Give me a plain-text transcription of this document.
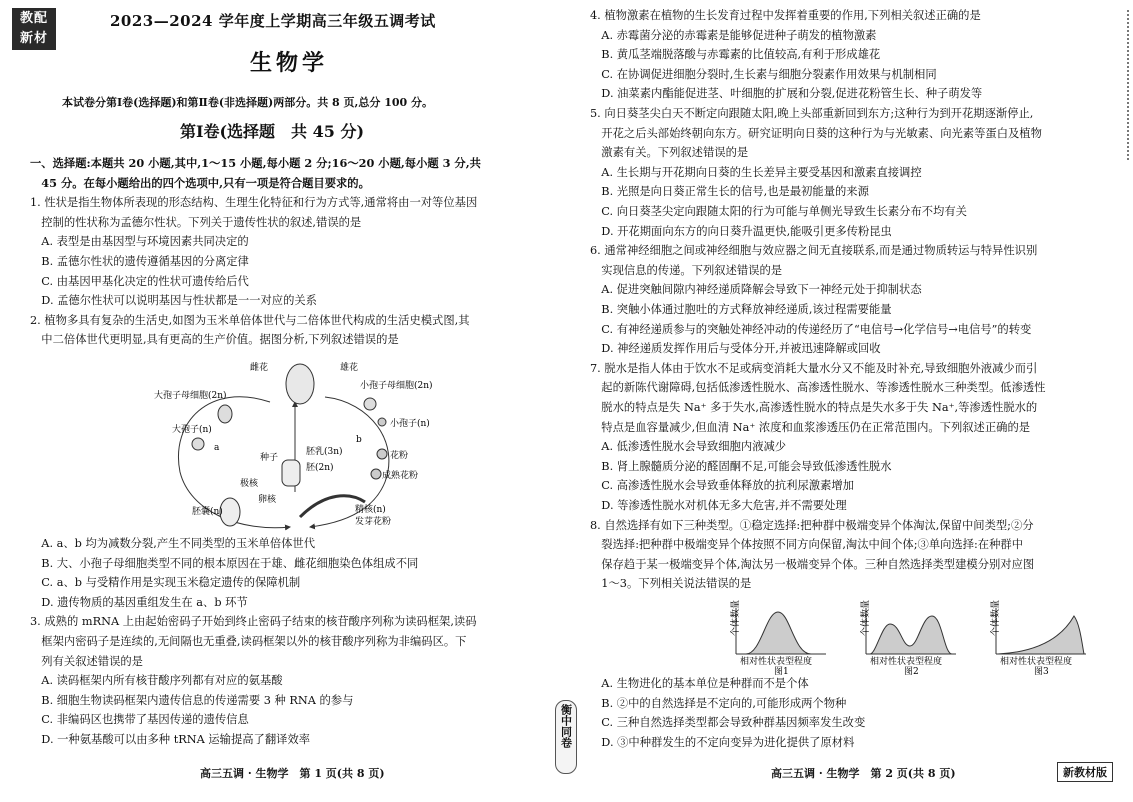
教配
新材
2023—2024 学年度上学期高三年级五调考试
生物学
本试卷分第Ⅰ卷(选择题)和第Ⅱ卷(非选择题)两部分。共 8 页,总分 100 分。
第Ⅰ卷(选择题　共 45 分)
一、选择题:本题共 20 小题,其中,1～15 小题,每小题 2 分;16～20 小题,每小题 3 分,共
　45 分。在每小题给出的四个选项中,只有一项是符合题目要求的。
1. 性状是指生物体所表现的形态结构、生理生化特征和行为方式等,通常将由一对等位基因
　控制的性状称为孟德尔性状。下列关于遗传性状的叙述,错误的是
　A. 表型是由基因型与环境因素共同决定的
　B. 孟德尔性状的遗传遵循基因的分离定律
　C. 由基因甲基化决定的性状可遗传给后代
　D. 孟德尔性状可以说明基因与性状都是一一对应的关系
2. 植物多具有复杂的生活史,如图为玉米单倍体世代与二倍体世代构成的生活史模式图,其
　中二倍体世代更明显,具有更高的生产价值。据图分析,下列叙述错误的是
雌花	雄花
大孢子母细胞(2n)
小孢子母细胞(2n)
小孢子(n)
大孢子(n)
a
b
胚乳(3n)
胚(2n)
种子	花粉
成熟花粉
极核
卵核
胚囊(n)	精核(n)
发芽花粉
　A. a、b 均为减数分裂,产生不同类型的玉米单倍体世代
　B. 大、小孢子母细胞类型不同的根本原因在于雄、雌花细胞染色体组成不同
　C. a、b 与受精作用是实现玉米稳定遗传的保障机制
　D. 遗传物质的基因重组发生在 a、b 环节
3. 成熟的 mRNA 上由起始密码子开始到终止密码子结束的核苷酸序列称为读码框架,读码
　框架内密码子是连续的,无间隔也无重叠,读码框架以外的核苷酸序列称为非编码区。下
　列有关叙述错误的是
　A. 读码框架内所有核苷酸序列都有对应的氨基酸
　B. 细胞生物读码框架内遗传信息的传递需要 3 种 RNA 的参与
　C. 非编码区也携带了基因传递的遗传信息
　D. 一种氨基酸可以由多种 tRNA 运输提高了翻译效率
高三五调 · 生物学　第 1 页(共 8 页)
衡中同卷
4. 植物激素在植物的生长发育过程中发挥着重要的作用,下列相关叙述正确的是
　A. 赤霉菌分泌的赤霉素是能够促进种子萌发的植物激素
　B. 黄瓜茎端脱落酸与赤霉素的比值较高,有利于形成雄花
　C. 在协调促进细胞分裂时,生长素与细胞分裂素作用效果与机制相同
　D. 油菜素内酯能促进茎、叶细胞的扩展和分裂,促进花粉管生长、种子萌发等
5. 向日葵茎尖白天不断定向跟随太阳,晚上头部重新回到东方;这种行为到开花期逐渐停止,
　开花之后头部始终朝向东方。研究证明向日葵的这种行为与光敏素、向光素等蛋白及植物
　激素有关。下列叙述错误的是
　A. 生长期与开花期向日葵的生长差异主要受基因和激素直接调控
　B. 光照是向日葵正常生长的信号,也是最初能量的来源
　C. 向日葵茎尖定向跟随太阳的行为可能与单侧光导致生长素分布不均有关
　D. 开花期面向东方的向日葵升温更快,能吸引更多传粉昆虫
6. 通常神经细胞之间或神经细胞与效应器之间无直接联系,而是通过物质转运与特异性识别
　实现信息的传递。下列叙述错误的是
　A. 促进突触间隙内神经递质降解会导致下一神经元处于抑制状态
　B. 突触小体通过胞吐的方式释放神经递质,该过程需要能量
　C. 有神经递质参与的突触处神经冲动的传递经历了“电信号→化学信号→电信号”的转变
　D. 神经递质发挥作用后与受体分开,并被迅速降解或回收
7. 脱水是指人体由于饮水不足或病变消耗大量水分又不能及时补充,导致细胞外液减少而引
　起的新陈代谢障碍,包括低渗透性脱水、高渗透性脱水、等渗透性脱水三种类型。低渗透性
　脱水的特点是失 Na⁺ 多于失水,高渗透性脱水的特点是失水多于失 Na⁺,等渗透性脱水的
　特点是血容量减少,但血清 Na⁺ 浓度和血浆渗透压仍在正常范围内。下列叙述正确的是
　A. 低渗透性脱水会导致细胞内液减少
　B. 肾上腺髓质分泌的醛固酮不足,可能会导致低渗透性脱水
　C. 高渗透性脱水会导致垂体释放的抗利尿激素增加
　D. 等渗透性脱水对机体无多大危害,并不需要处理
8. 自然选择有如下三种类型。①稳定选择:把种群中极端变异个体淘汰,保留中间类型;②分
　裂选择:把种群中极端变异个体按照不同方向保留,淘汰中间个体;③单向选择:在种群中
　保存趋于某一极端变异个体,淘汰另一极端变异个体。三种自然选择类型建模分别对应图
　1～3。下列相关说法错误的是
个体数量
相对性状表型程度
图1
个体数量
相对性状表型程度
图2
个体数量
相对性状表型程度
图3
　A. 生物进化的基本单位是种群而不是个体
　B. ②中的自然选择是不定向的,可能形成两个物种
　C. 三种自然选择类型都会导致种群基因频率发生改变
　D. ③中种群发生的不定向变异为进化提供了原材料
高三五调 · 生物学　第 2 页(共 8 页)	新教材版
